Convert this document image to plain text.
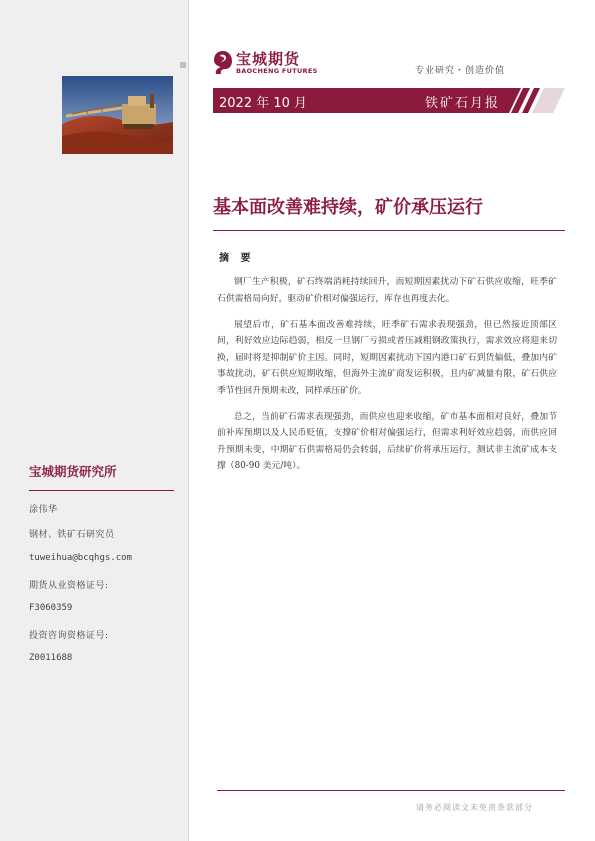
宝城期货
BAOCHENG FUTURES	专业研究・创造价值
2022 年 10 月	铁矿石月报
基本面改善难持续，矿价承压运行
摘 要

钢厂生产积极，矿石终端消耗持续回升，而短期因素扰动下矿石供应收缩，旺季矿石供需格局向好，驱动矿价相对偏强运行，库存也再度去化。

展望后市，矿石基本面改善难持续，旺季矿石需求表现强劲，但已然接近顶部区间，利好效应边际趋弱，相反一旦钢厂亏损或者压减粗钢政策执行，需求效应将迎来切换，届时将是抑制矿价主因。同时，短期因素扰动下国内港口矿石到货偏低，叠加内矿事故扰动，矿石供应短期收缩，但海外主流矿商发运积极，且内矿减量有限，矿石供应季节性回升预期未改，同样承压矿价。

总之，当前矿石需求表现强劲，而供应也迎来收缩，矿市基本面相对良好，叠加节前补库预期以及人民币贬值，支撑矿价相对偏强运行，但需求利好效应趋弱，而供应回升预期未变，中期矿石供需格局仍会转弱，后续矿价将承压运行，测试非主流矿成本支撑（80-90 美元/吨）。

宝城期货研究所
涂伟华
钢材、铁矿石研究员
tuweihua@bcqhgs.com
期货从业资格证号:
F3060359
投资咨询资格证号:
Z0011688
请务必阅读文末免责条款部分
